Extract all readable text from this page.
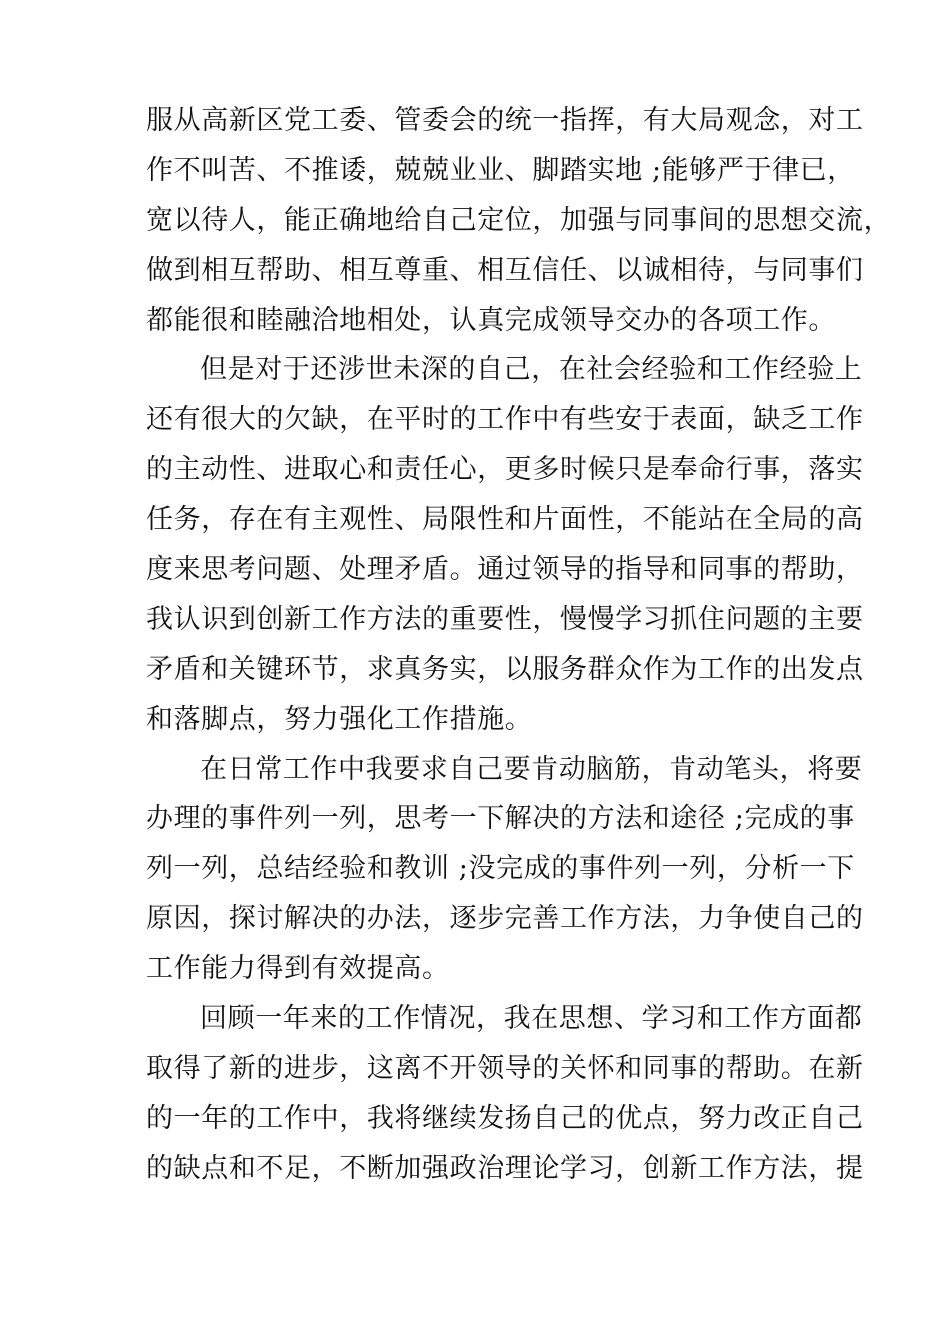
服从高新区党工委、管委会的统一指挥，有大局观念，对工
作不叫苦、不推诿，兢兢业业、脚踏实地 ;能够严于律已，
宽以待人，能正确地给自己定位，加强与同事间的思想交流，
做到相互帮助、相互尊重、相互信任、以诚相待，与同事们
都能很和睦融洽地相处，认真完成领导交办的各项工作。
但是对于还涉世未深的自己，在社会经验和工作经验上
还有很大的欠缺，在平时的工作中有些安于表面，缺乏工作
的主动性、进取心和责任心，更多时候只是奉命行事，落实
任务，存在有主观性、局限性和片面性，不能站在全局的高
度来思考问题、处理矛盾。通过领导的指导和同事的帮助，
我认识到创新工作方法的重要性，慢慢学习抓住问题的主要
矛盾和关键环节，求真务实，以服务群众作为工作的出发点
和落脚点，努力强化工作措施。
在日常工作中我要求自己要肯动脑筋，肯动笔头，将要
办理的事件列一列，思考一下解决的方法和途径 ;完成的事
列一列，总结经验和教训 ;没完成的事件列一列，分析一下
原因，探讨解决的办法，逐步完善工作方法，力争使自己的
工作能力得到有效提高。
回顾一年来的工作情况，我在思想、学习和工作方面都
取得了新的进步，这离不开领导的关怀和同事的帮助。在新
的一年的工作中，我将继续发扬自己的优点，努力改正自己
的缺点和不足，不断加强政治理论学习，创新工作方法，提
